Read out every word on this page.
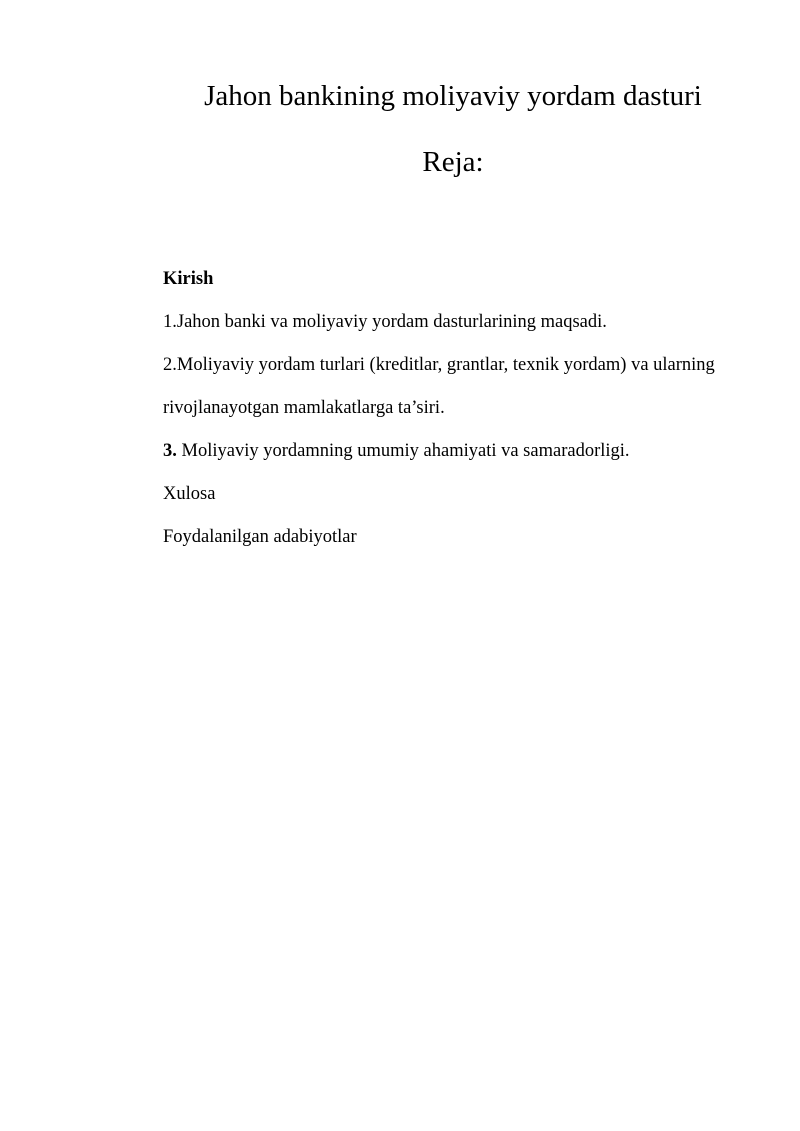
Jahon bankining moliyaviy yordam dasturi
Reja:
Kirish
1.Jahon banki va moliyaviy yordam dasturlarining maqsadi.
2.Moliyaviy yordam turlari (kreditlar, grantlar, texnik yordam) va ularning
rivojlanayotgan mamlakatlarga ta’siri.
3. Moliyaviy yordamning umumiy ahamiyati va samaradorligi.
Xulosa
Foydalanilgan adabiyotlar
